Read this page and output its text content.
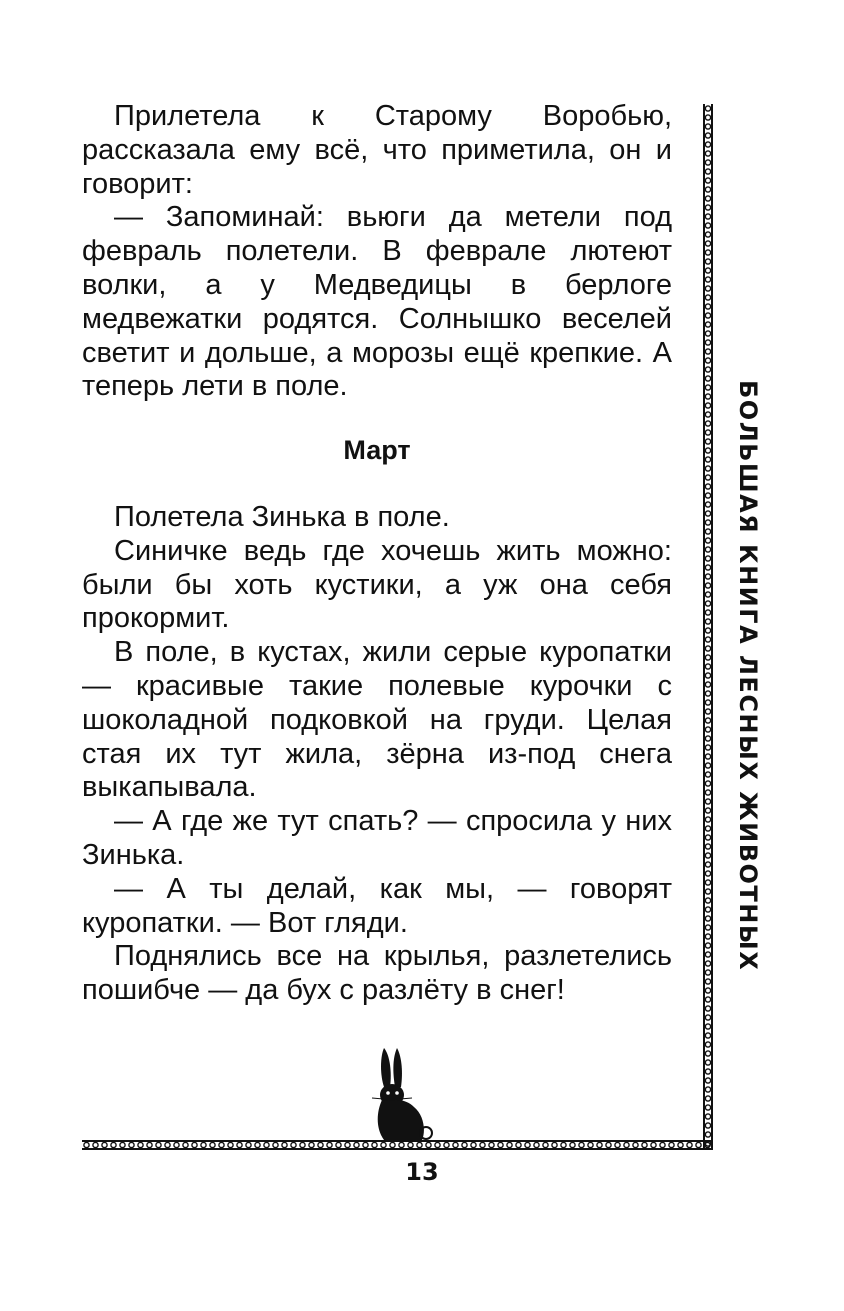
Прилетела к Старому Воробью, рассказала ему всё, что приметила, он и говорит:

— Запоминай: вьюги да метели под февраль полетели. В феврале лютеют волки, а у Медведицы в берлоге медвежатки родятся. Солнышко веселей светит и дольше, а морозы ещё крепкие. А теперь лети в поле.

Март

Полетела Зинька в поле.

Синичке ведь где хочешь жить можно: были бы хоть кустики, а уж она себя прокормит.

В поле, в кустах, жили серые куропатки — красивые такие полевые курочки с шоколадной подковкой на груди. Целая стая их тут жила, зёрна из-под снега выкапывала.

— А где же тут спать? — спросила у них Зинька.

— А ты делай, как мы, — говорят куропатки. — Вот гляди.

Поднялись все на крылья, разлетелись пошибче — да бух с разлёту в снег!

БОЛЬШАЯ КНИГА ЛЕСНЫХ ЖИВОТНЫХ
13
